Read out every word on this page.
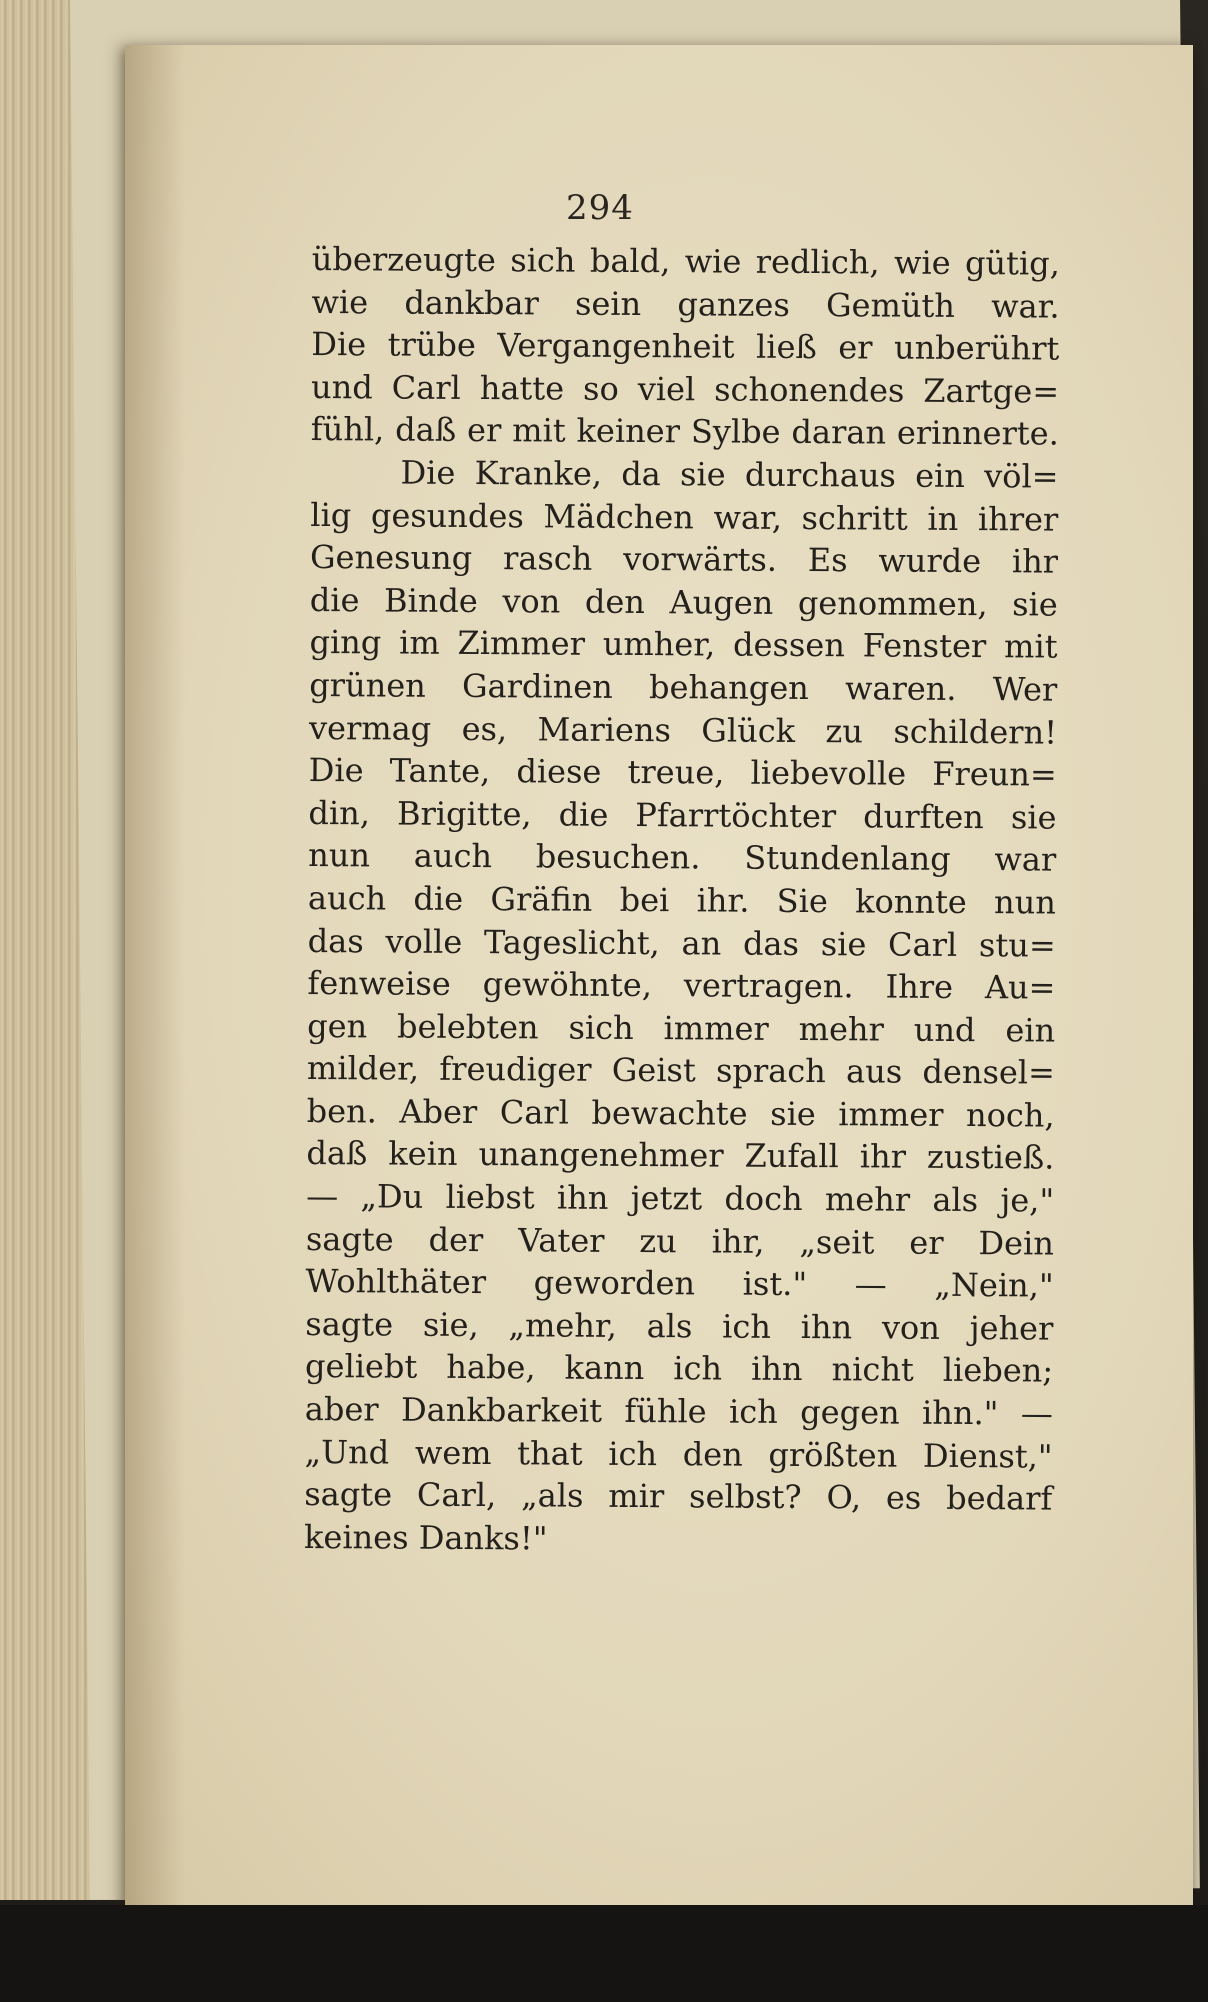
294
überzeugte sich bald, wie redlich, wie gütig,
wie dankbar sein ganzes Gemüth war.
Die trübe Vergangenheit ließ er unberührt
und Carl hatte so viel schonendes Zartge=
fühl, daß er mit keiner Sylbe daran erinnerte.
Die Kranke, da sie durchaus ein völ=
lig gesundes Mädchen war, schritt in ihrer
Genesung rasch vorwärts. Es wurde ihr
die Binde von den Augen genommen, sie
ging im Zimmer umher, dessen Fenster mit
grünen Gardinen behangen waren. Wer
vermag es, Mariens Glück zu schildern!
Die Tante, diese treue, liebevolle Freun=
din, Brigitte, die Pfarrtöchter durften sie
nun auch besuchen. Stundenlang war
auch die Gräfin bei ihr. Sie konnte nun
das volle Tageslicht, an das sie Carl stu=
fenweise gewöhnte, vertragen. Ihre Au=
gen belebten sich immer mehr und ein
milder, freudiger Geist sprach aus densel=
ben. Aber Carl bewachte sie immer noch,
daß kein unangenehmer Zufall ihr zustieß.
— „Du liebst ihn jetzt doch mehr als je,"
sagte der Vater zu ihr, „seit er Dein
Wohlthäter geworden ist." — „Nein,"
sagte sie, „mehr, als ich ihn von jeher
geliebt habe, kann ich ihn nicht lieben;
aber Dankbarkeit fühle ich gegen ihn." —
„Und wem that ich den größten Dienst,"
sagte Carl, „als mir selbst? O, es bedarf
keines Danks!"
